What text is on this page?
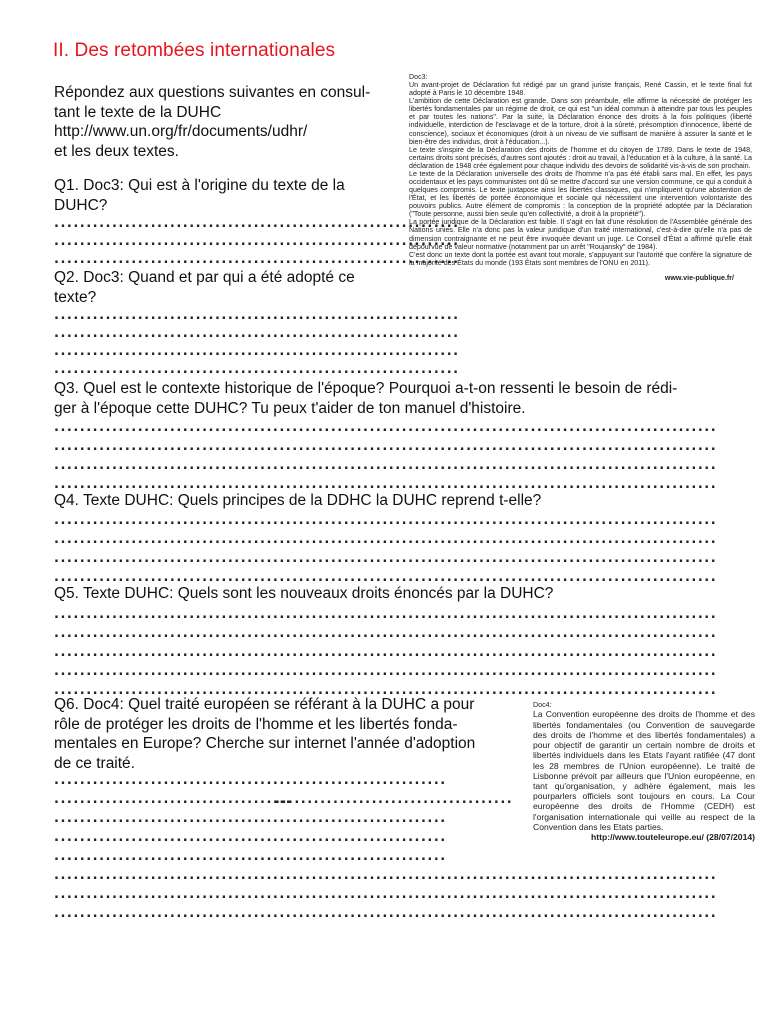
II. Des retombées internationales
Répondez aux questions suivantes en consul-
tant le texte de la DUHC
http://www.un.org/fr/documents/udhr/
et les deux textes.
Q1. Doc3: Qui est à l'origine du texte de la
DUHC?
...............................................................
...............................................................
...............................................................
Q2. Doc3: Quand et par qui a été adopté ce
texte?
...............................................................
...............................................................
...............................................................
...............................................................
Doc3:

Un avant-projet de Déclaration fut rédigé par un grand juriste français, René Cassin, et le texte final fut adopté à Paris le 10 décembre 1948.

L'ambition de cette Déclaration est grande. Dans son préambule, elle affirme la nécessité de protéger les libertés fondamentales par un régime de droit, ce qui est "un idéal commun à atteindre par tous les peuples et par toutes les nations". Par la suite, la Déclaration énonce des droits à la fois politiques (liberté individuelle, interdiction de l'esclavage et de la torture, droit à la sûreté, présomption d'innocence, liberté de conscience), sociaux et économiques (droit à un niveau de vie suffisant de manière à assurer la santé et le bien-être des individus, droit à l'éducation...).

Le texte s'inspire de la Déclaration des droits de l'homme et du citoyen de 1789. Dans le texte de 1948, certains droits sont précisés, d'autres sont ajoutés : droit au travail, à l'éducation et à la culture, à la santé. La déclaration de 1948 crée également pour chaque individu des devoirs de solidarité vis-à-vis de son prochain.

Le texte de la Déclaration universelle des droits de l'homme n'a pas été établi sans mal. En effet, les pays occidentaux et les pays communistes ont dû se mettre d'accord sur une version commune, ce qui a conduit à quelques compromis. Le texte juxtapose ainsi les libertés classiques, qui n'impliquent qu'une abstention de l'État, et les libertés de portée économique et sociale qui nécessitent une intervention volontariste des pouvoirs publics. Autre élément de compromis : la conception de la propriété adoptée par la Déclaration ("Toute personne, aussi bien seule qu'en collectivité, a droit à la propriété").

La portée juridique de la Déclaration est faible. Il s'agit en fait d'une résolution de l'Assemblée générale des Nations unies. Elle n'a donc pas la valeur juridique d'un traité international, c'est-à-dire qu'elle n'a pas de dimension contraignante et ne peut être invoquée devant un juge. Le Conseil d'État a affirmé qu'elle était dépourvue de valeur normative (notamment par un arrêt "Roujansky" de 1984).

C'est donc un texte dont la portée est avant tout morale, s'appuyant sur l'autorité que confère la signature de la majorité des États du monde (193 États sont membres de l'ONU en 2011).

www.vie-publique.fr/
Q3. Quel est le contexte historique de l'époque? Pourquoi a-t-on ressenti le besoin de rédi-
ger à l'époque cette DUHC? Tu peux t'aider de ton manuel d'histoire.
.......................................................................................................
.......................................................................................................
.......................................................................................................
.......................................................................................................
Q4. Texte DUHC: Quels principes de la DDHC la DUHC reprend t-elle?
.......................................................................................................
.......................................................................................................
.......................................................................................................
.......................................................................................................
Q5. Texte DUHC: Quels sont les nouveaux droits énoncés par la DUHC?
.......................................................................................................
.......................................................................................................
.......................................................................................................
.......................................................................................................
.......................................................................................................
Q6. Doc4: Quel traité européen se référant à la DUHC a pour
rôle de protéger les droits de l'homme et les libertés fonda-
mentales en Europe? Cherche sur internet l'année d'adoption
de ce traité.
.............................................................
.....................................
.....................................
.............................................................
.............................................................
.............................................................
.......................................................................................................
.......................................................................................................
.......................................................................................................
Doc4:
La Convention européenne des droits de l'homme et des libertés fondamentales (ou Convention de sauvegarde des droits de l'homme et des libertés fondamentales) a pour objectif de garantir un certain nombre de droits et libertés individuels dans les Etats l'ayant ratifiée (47 dont les 28 membres de l'Union européenne). Le traité de Lisbonne prévoit par ailleurs que l'Union européenne, en tant qu'organisation, y adhère également, mais les pourparlers officiels sont toujours en cours. La Cour européenne des droits de l'Homme (CEDH) est l'organisation internationale qui veille au respect de la Convention dans les Etats parties.
http://www.touteleurope.eu/ (28/07/2014)
